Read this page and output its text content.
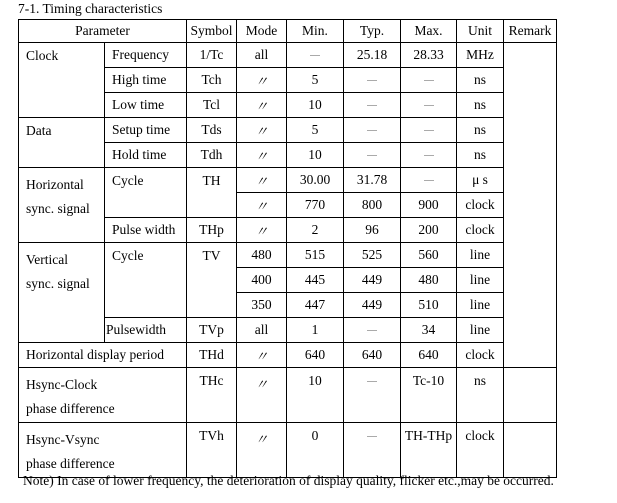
7-1. Timing characteristics
Parameter		Symbol	Mode	Min.	Typ.	Max.	Unit	Remark
Clock	Frequency	1/Tc	all		25.18	28.33	MHz	
	High time	Tch	〃	5			ns	
	Low time	Tcl	〃	10			ns	
Data	Setup time	Tds	〃	5			ns	
	Hold time	Tdh	〃	10			ns	
Horizontal
sync. signal	Cycle	TH	〃	30.00	31.78		μ s	
			〃	770	800	900	clock	
	Pulse width	THp	〃	2	96	200	clock	
Vertical
sync. signal	Cycle	TV	480	515	525	560	line	
			400	445	449	480	line	
			350	447	449	510	line	
	Pulsewidth	TVp	all	1		34	line	
Horizontal display period		THd	〃	640	640	640	clock	
Hsync-Clock
phase difference		THc	〃	10		Tc-10	ns	
Hsync-Vsync
phase difference		TVh	〃	0		TH-THp	clock	
Note) In case of lower frequency, the deterioration of display quality, flicker etc.,may be occurred.
